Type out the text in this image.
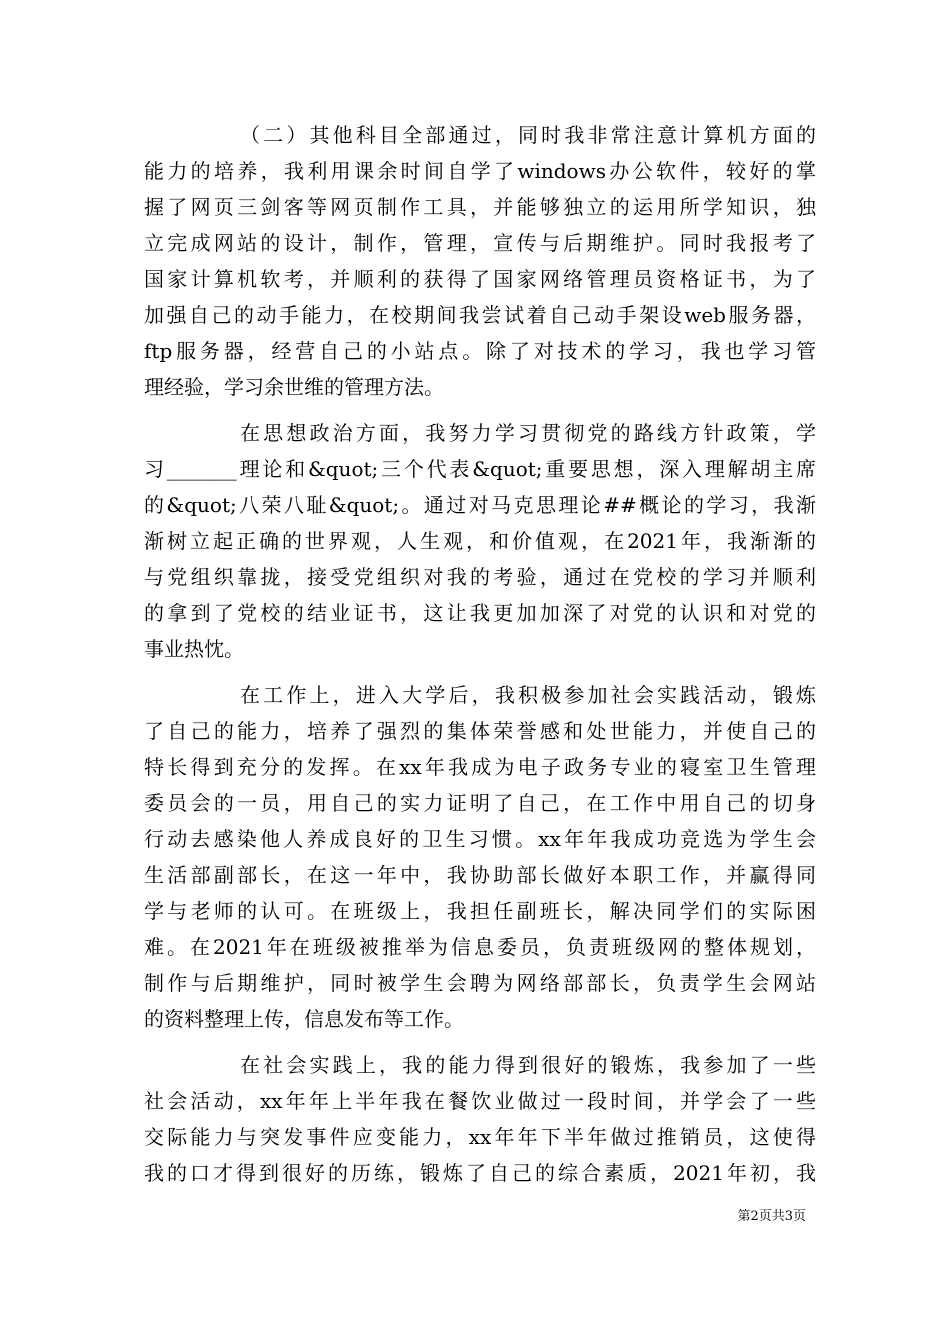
（二）其他科目全部通过，同时我非常注意计算机方面的
能力的培养，我利用课余时间自学了windows办公软件，较好的掌
握了网页三剑客等网页制作工具，并能够独立的运用所学知识，独
立完成网站的设计，制作，管理，宣传与后期维护。同时我报考了
国家计算机软考，并顺利的获得了国家网络管理员资格证书，为了
加强自己的动手能力，在校期间我尝试着自己动手架设web服务器，
ftp服务器，经营自己的小站点。除了对技术的学习，我也学习管
理经验，学习余世维的管理方法。
在思想政治方面，我努力学习贯彻党的路线方针政策，学
习_______理论和&quot;三个代表&quot;重要思想，深入理解胡主席
的&quot;八荣八耻&quot;。通过对马克思理论##概论的学习，我渐
渐树立起正确的世界观，人生观，和价值观，在2021年，我渐渐的
与党组织靠拢，接受党组织对我的考验，通过在党校的学习并顺利
的拿到了党校的结业证书，这让我更加加深了对党的认识和对党的
事业热忱。
在工作上，进入大学后，我积极参加社会实践活动，锻炼
了自己的能力，培养了强烈的集体荣誉感和处世能力，并使自己的
特长得到充分的发挥。在xx年我成为电子政务专业的寝室卫生管理
委员会的一员，用自己的实力证明了自己，在工作中用自己的切身
行动去感染他人养成良好的卫生习惯。xx年年我成功竞选为学生会
生活部副部长，在这一年中，我协助部长做好本职工作，并赢得同
学与老师的认可。在班级上，我担任副班长，解决同学们的实际困
难。在2021年在班级被推举为信息委员，负责班级网的整体规划，
制作与后期维护，同时被学生会聘为网络部部长，负责学生会网站
的资料整理上传，信息发布等工作。
在社会实践上，我的能力得到很好的锻炼，我参加了一些
社会活动，xx年年上半年我在餐饮业做过一段时间，并学会了一些
交际能力与突发事件应变能力，xx年年下半年做过推销员，这使得
我的口才得到很好的历练，锻炼了自己的综合素质，2021年初，我
第2页共3页
